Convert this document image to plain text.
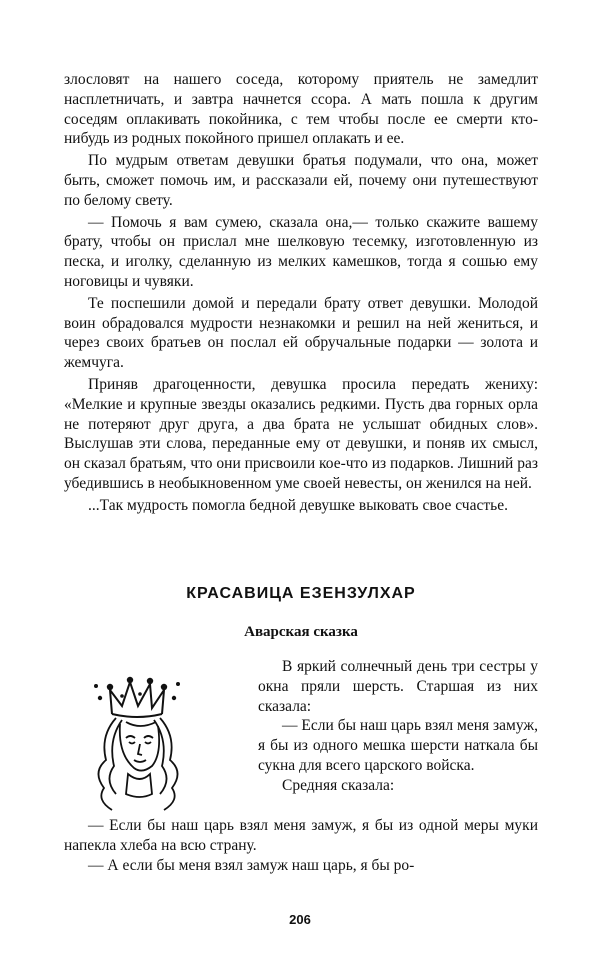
злословят на нашего соседа, которому приятель не замедлит насплетничать, и завтра начнется ссора. А мать пошла к другим соседям оплакивать покойника, с тем чтобы после ее смерти кто-нибудь из родных покойного пришел оплакать и ее.

По мудрым ответам девушки братья подумали, что она, может быть, сможет помочь им, и рассказали ей, почему они путешествуют по белому свету.

— Помочь я вам сумею, сказала она,— только скажите вашему брату, чтобы он прислал мне шелковую тесемку, изготовленную из песка, и иголку, сделанную из мелких камешков, тогда я сошью ему ноговицы и чувяки.

Те поспешили домой и передали брату ответ девушки. Молодой воин обрадовался мудрости незнакомки и решил на ней жениться, и через своих братьев он послал ей обручальные подарки — золота и жемчуга.

Приняв драгоценности, девушка просила передать жениху: «Мелкие и крупные звезды оказались редкими. Пусть два горных орла не потеряют друг друга, а два брата не услышат обидных слов». Выслушав эти слова, переданные ему от девушки, и поняв их смысл, он сказал братьям, что они присвоили кое-что из подарков. Лишний раз убедившись в необыкновенном уме своей невесты, он женился на ней.

...Так мудрость помогла бедной девушке выковать свое счастье.

КРАСАВИЦА ЕЗЕНЗУЛХАР
Аварская сказка

В яркий солнечный день три сестры у окна пряли шерсть. Старшая из них сказала:

— Если бы наш царь взял меня замуж, я бы из одного мешка шерсти наткала бы сукна для всего царского войска.

Средняя сказала:

— Если бы наш царь взял меня замуж, я бы из одной меры муки напекла хлеба на всю страну.

— А если бы меня взял замуж наш царь, я бы ро-

206
